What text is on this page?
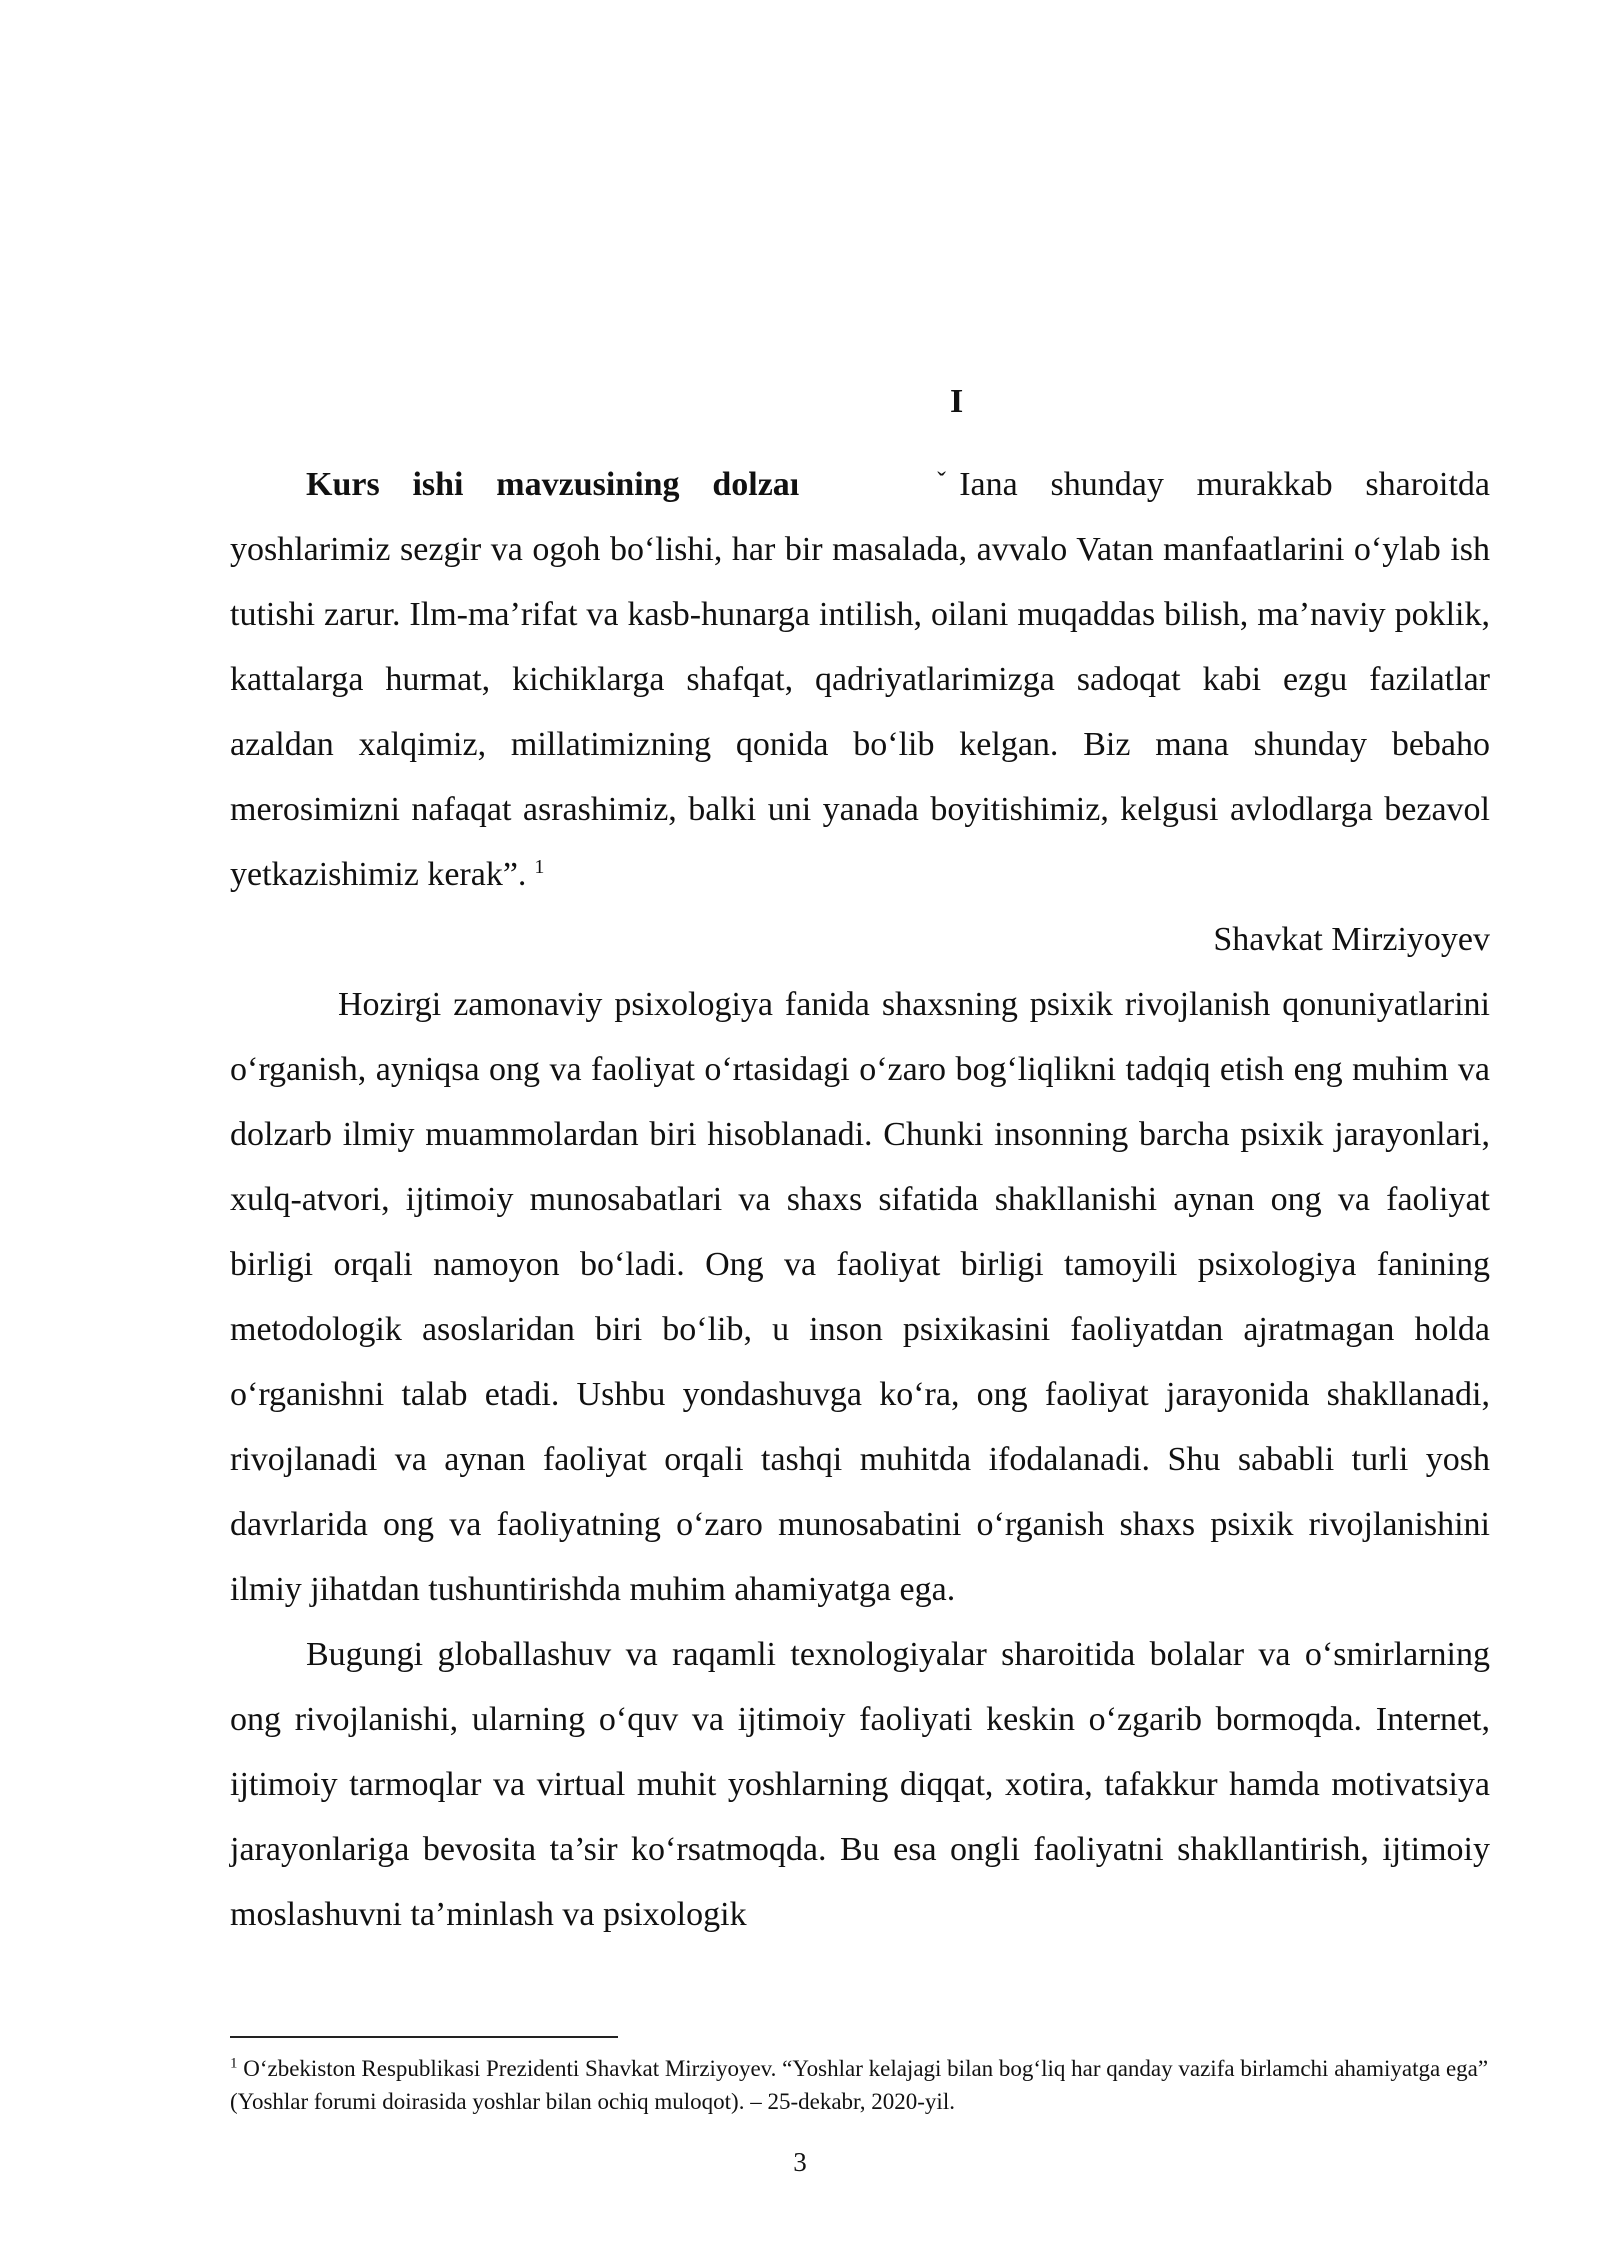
I

Kurs ishi mavzusining dolzaı	ˇ Iana shunday murakkab sharoitda yoshlarimiz sezgir va ogoh bo‘lishi, har bir masalada, avvalo Vatan manfaatlarini o‘ylab ish tutishi zarur. Ilm-ma’rifat va kasb-hunarga intilish, oilani muqaddas bilish, ma’naviy poklik, kattalarga hurmat, kichiklarga shafqat, qadriyatlarimizga sadoqat kabi ezgu fazilatlar azaldan xalqimiz, millatimizning qonida bo‘lib kelgan. Biz mana shunday bebaho merosimizni nafaqat asrashimiz, balki uni yanada boyitishimiz, kelgusi avlodlarga bezavol yetkazishimiz kerak”. $^1$

Shavkat Mirziyoyev

Hozirgi zamonaviy psixologiya fanida shaxsning psixik rivojlanish qonuniyatlarini o‘rganish, ayniqsa ong va faoliyat o‘rtasidagi o‘zaro bog‘liqlikni tadqiq etish eng muhim va dolzarb ilmiy muammolardan biri hisoblanadi. Chunki insonning barcha psixik jarayonlari, xulq-atvori, ijtimoiy munosabatlari va shaxs sifatida shakllanishi aynan ong va faoliyat birligi orqali namoyon bo‘ladi. Ong va faoliyat birligi tamoyili psixologiya fanining metodologik asoslaridan biri bo‘lib, u inson psixikasini faoliyatdan ajratmagan holda o‘rganishni talab etadi. Ushbu yondashuvga ko‘ra, ong faoliyat jarayonida shakllanadi, rivojlanadi va aynan faoliyat orqali tashqi muhitda ifodalanadi. Shu sababli turli yosh davrlarida ong va faoliyatning o‘zaro munosabatini o‘rganish shaxs psixik rivojlanishini ilmiy jihatdan tushuntirishda muhim ahamiyatga ega.

Bugungi globallashuv va raqamli texnologiyalar sharoitida bolalar va o‘smirlarning ong rivojlanishi, ularning o‘quv va ijtimoiy faoliyati keskin o‘zgarib bormoqda. Internet, ijtimoiy tarmoqlar va virtual muhit yoshlarning diqqat, xotira, tafakkur hamda motivatsiya jarayonlariga bevosita ta’sir ko‘rsatmoqda. Bu esa ongli faoliyatni shakllantirish, ijtimoiy moslashuvni ta’minlash va psixologik

$^1$ O‘zbekiston Respublikasi Prezidenti Shavkat Mirziyoyev. “Yoshlar kelajagi bilan bog‘liq har qanday vazifa birlamchi ahamiyatga ega” (Yoshlar forumi doirasida yoshlar bilan ochiq muloqot). – 25-dekabr, 2020-yil.
3
